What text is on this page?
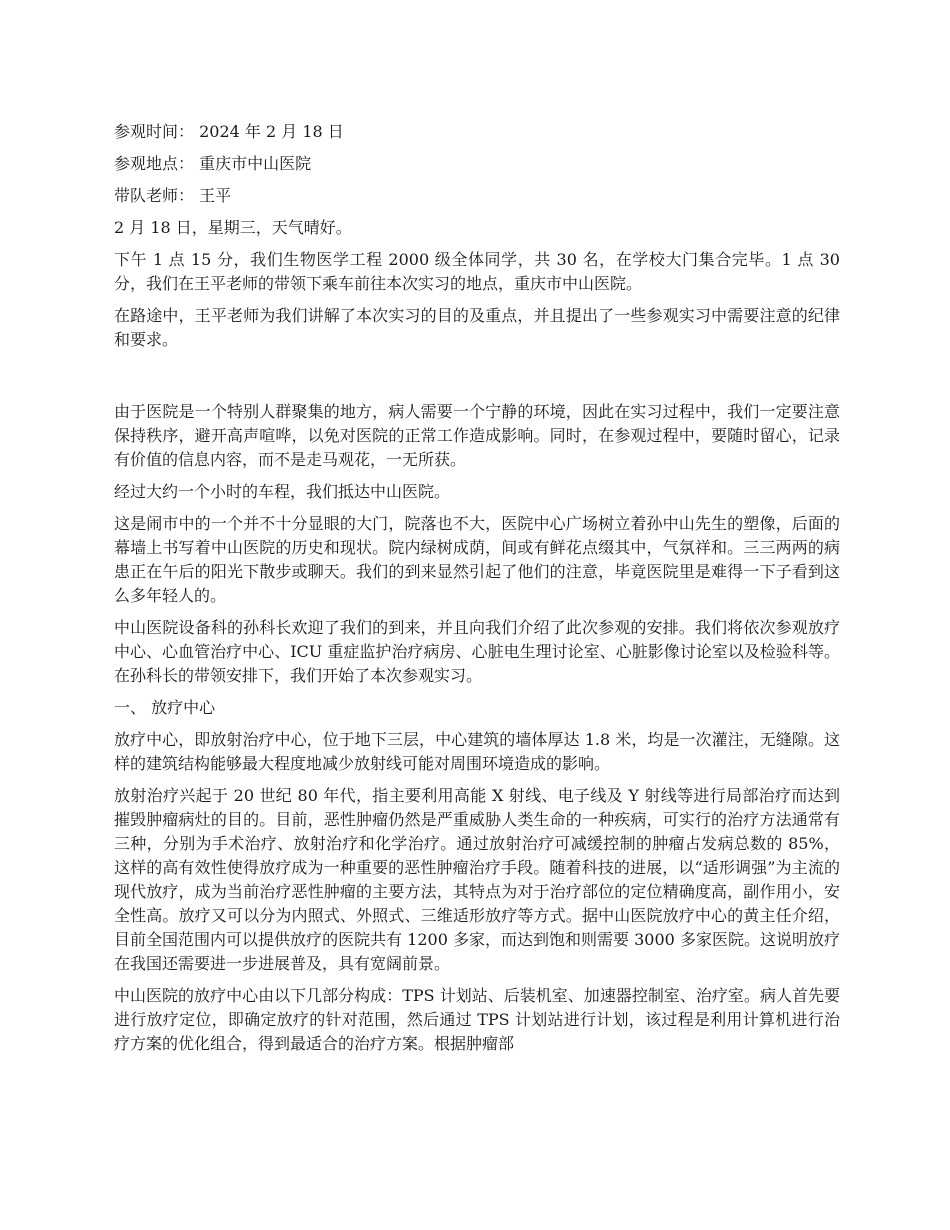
参观时间： 2024 年 2 月 18 日

参观地点： 重庆市中山医院

带队老师： 王平

2 月 18 日，星期三，天气晴好。

下午 1 点 15 分，我们生物医学工程 2000 级全体同学，共 30 名，在学校大门集合完毕。1 点 30 分，我们在王平老师的带领下乘车前往本次实习的地点，重庆市中山医院。

在路途中，王平老师为我们讲解了本次实习的目的及重点，并且提出了一些参观实习中需要注意的纪律和要求。

由于医院是一个特别人群聚集的地方，病人需要一个宁静的环境，因此在实习过程中，我们一定要注意保持秩序，避开高声喧哗，以免对医院的正常工作造成影响。同时，在参观过程中，要随时留心，记录有价值的信息内容，而不是走马观花，一无所获。

经过大约一个小时的车程，我们抵达中山医院。

这是闹市中的一个并不十分显眼的大门，院落也不大，医院中心广场树立着孙中山先生的塑像，后面的幕墙上书写着中山医院的历史和现状。院内绿树成荫，间或有鲜花点缀其中，气氛祥和。三三两两的病患正在午后的阳光下散步或聊天。我们的到来显然引起了他们的注意，毕竟医院里是难得一下子看到这么多年轻人的。

中山医院设备科的孙科长欢迎了我们的到来，并且向我们介绍了此次参观的安排。我们将依次参观放疗中心、心血管治疗中心、ICU 重症监护治疗病房、心脏电生理讨论室、心脏影像讨论室以及检验科等。在孙科长的带领安排下，我们开始了本次参观实习。

一、 放疗中心

放疗中心，即放射治疗中心，位于地下三层，中心建筑的墙体厚达 1.8 米，均是一次灌注，无缝隙。这样的建筑结构能够最大程度地减少放射线可能对周围环境造成的影响。

放射治疗兴起于 20 世纪 80 年代，指主要利用高能 X 射线、电子线及 Y 射线等进行局部治疗而达到摧毁肿瘤病灶的目的。目前，恶性肿瘤仍然是严重威胁人类生命的一种疾病，可实行的治疗方法通常有三种，分别为手术治疗、放射治疗和化学治疗。通过放射治疗可减缓控制的肿瘤占发病总数的 85%，这样的高有效性使得放疗成为一种重要的恶性肿瘤治疗手段。随着科技的进展，以“适形调强”为主流的现代放疗，成为当前治疗恶性肿瘤的主要方法，其特点为对于治疗部位的定位精确度高，副作用小，安全性高。放疗又可以分为内照式、外照式、三维适形放疗等方式。据中山医院放疗中心的黄主任介绍，目前全国范围内可以提供放疗的医院共有 1200 多家，而达到饱和则需要 3000 多家医院。这说明放疗在我国还需要进一步进展普及，具有宽阔前景。

中山医院的放疗中心由以下几部分构成：TPS 计划站、后装机室、加速器控制室、治疗室。病人首先要进行放疗定位，即确定放疗的针对范围，然后通过 TPS 计划站进行计划，该过程是利用计算机进行治疗方案的优化组合，得到最适合的治疗方案。根据肿瘤部
